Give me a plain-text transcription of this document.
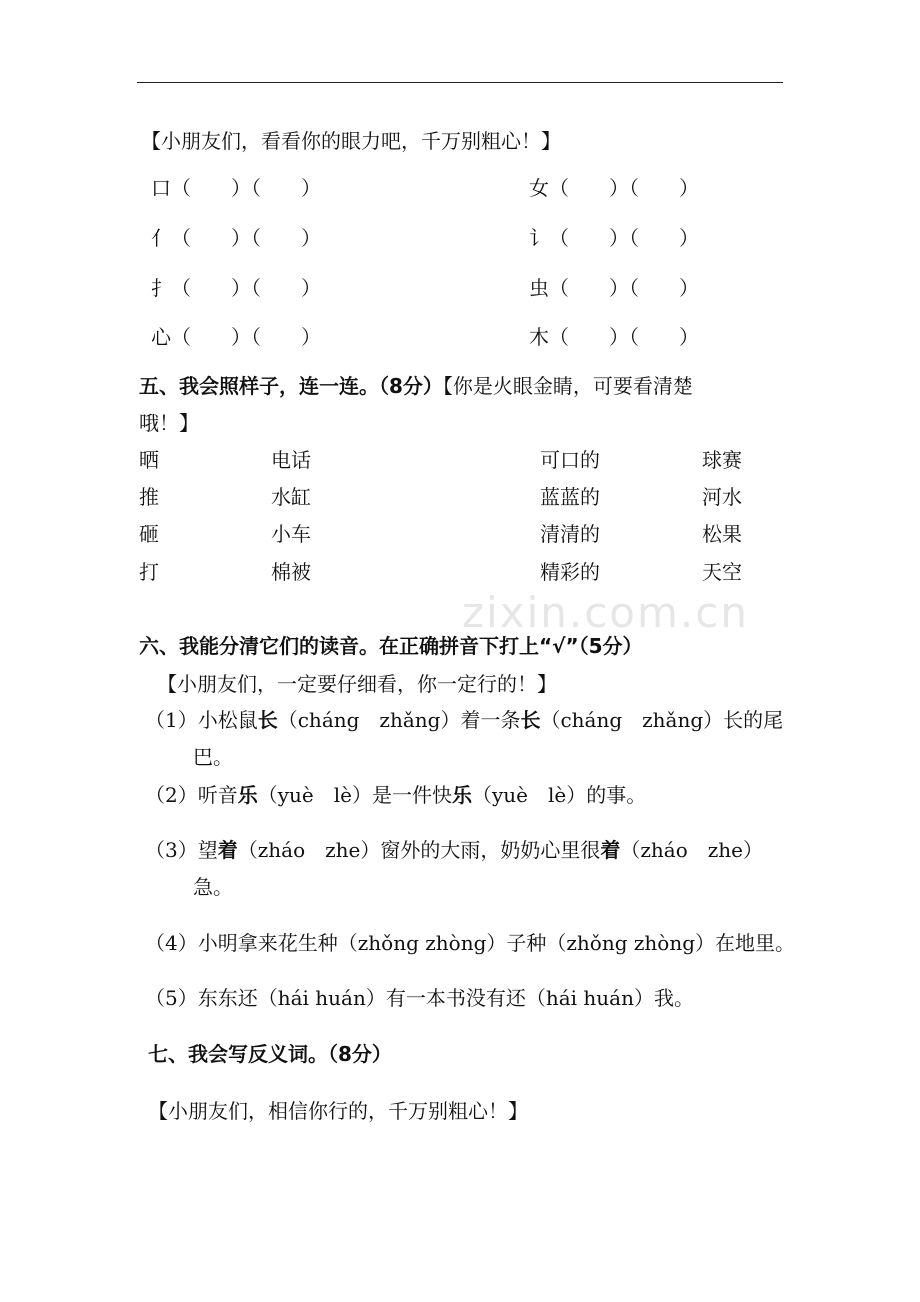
【小朋友们，看看你的眼力吧，千万别粗心！】
口（　　）（　　）
亻（　　）（　　）
扌（　　）（　　）
心（　　）（　　）
女（　　）（　　）
讠（　　）（　　）
虫（　　）（　　）
木（　　）（　　）
五、我会照样子，连一连。（8分）【你是火眼金睛，可要看清楚
哦！】
晒
推
砸
打
电话
水缸
小车
棉被
可口的
蓝蓝的
清清的
精彩的
球赛
河水
松果
天空
zixin.com.cn
六、我能分清它们的读音。在正确拼音下打上“√”（5分）
【小朋友们，一定要仔细看，你一定行的！】
（1）小松鼠长（cháng　zhǎng）着一条长（cháng　zhǎng）长的尾
巴。
（2）听音乐（yuè　lè）是一件快乐（yuè　lè）的事。
（3）望着（zháo　zhe）窗外的大雨，奶奶心里很着（zháo　zhe）
急。
（4）小明拿来花生种（zhǒng zhòng）子种（zhǒng zhòng）在地里。
（5）东东还（hái huán）有一本书没有还（hái huán）我。
七、我会写反义词。（8分）
【小朋友们，相信你行的，千万别粗心！】
